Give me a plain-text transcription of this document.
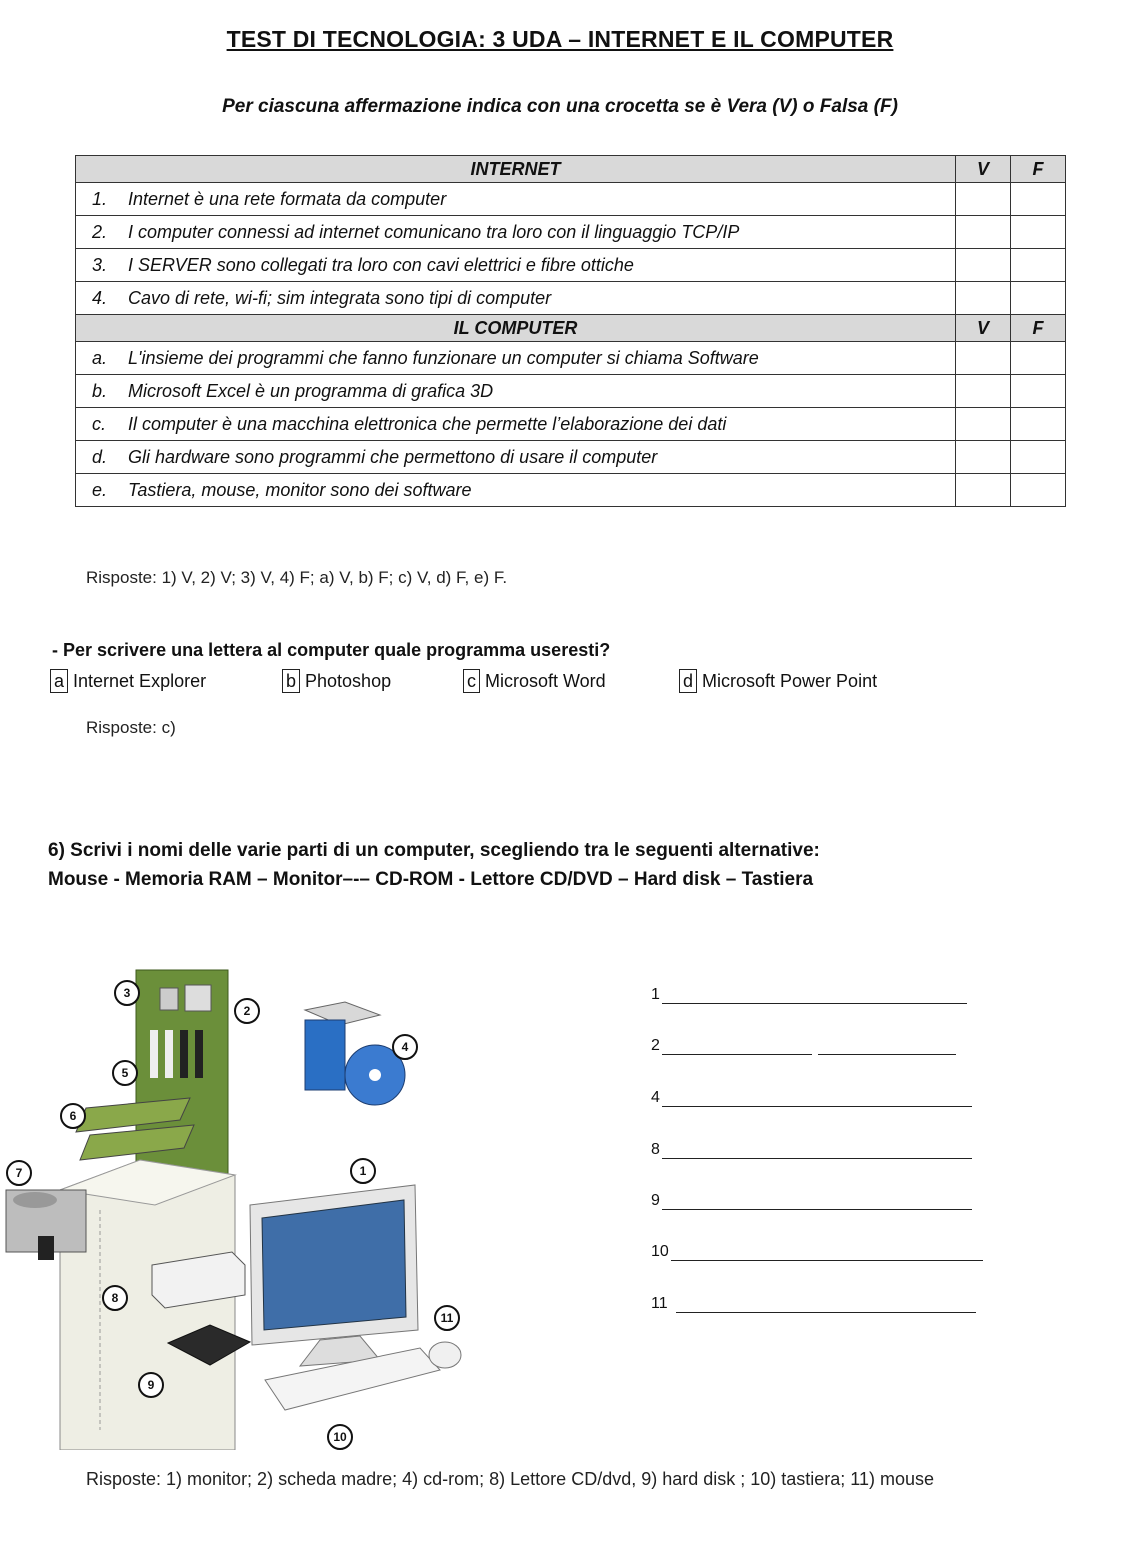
TEST DI TECNOLOGIA: 3 UDA – INTERNET E IL COMPUTER
Per ciascuna affermazione indica con una crocetta se è Vera (V) o Falsa (F)
INTERNET	V	F
1. Internet è una rete formata da computer		
2. I computer connessi ad internet comunicano tra loro con il linguaggio TCP/IP		
3. I SERVER sono collegati tra loro con cavi elettrici e fibre ottiche		
4. Cavo di rete, wi-fi; sim integrata sono tipi di computer		
IL COMPUTER	V	F
a. L'insieme dei programmi che fanno funzionare un computer si chiama Software		
b. Microsoft Excel è un programma di grafica 3D		
c. Il computer è una macchina elettronica che permette l’elaborazione dei dati		
d. Gli hardware sono programmi che permettono di usare il computer		
e. Tastiera, mouse, monitor sono dei software		
Risposte: 1) V, 2) V; 3) V, 4) F; a) V, b) F; c) V, d) F, e) F.
- Per scrivere una lettera al computer quale programma useresti?
a Internet Explorer	b Photoshop	c Microsoft Word	d Microsoft Power Point
Risposte: c)
6) Scrivi i nomi delle varie parti di un computer, scegliendo tra le seguenti alternative:
Mouse - Memoria RAM – Monitor–-– CD-ROM - Lettore CD/DVD – Hard disk – Tastiera
3
2
4
5
6
7	1
8
11
9
10
1
2
4
8
9
10
11
Risposte: 1) monitor; 2) scheda madre; 4) cd-rom; 8) Lettore CD/dvd, 9) hard disk ; 10) tastiera; 11) mouse
